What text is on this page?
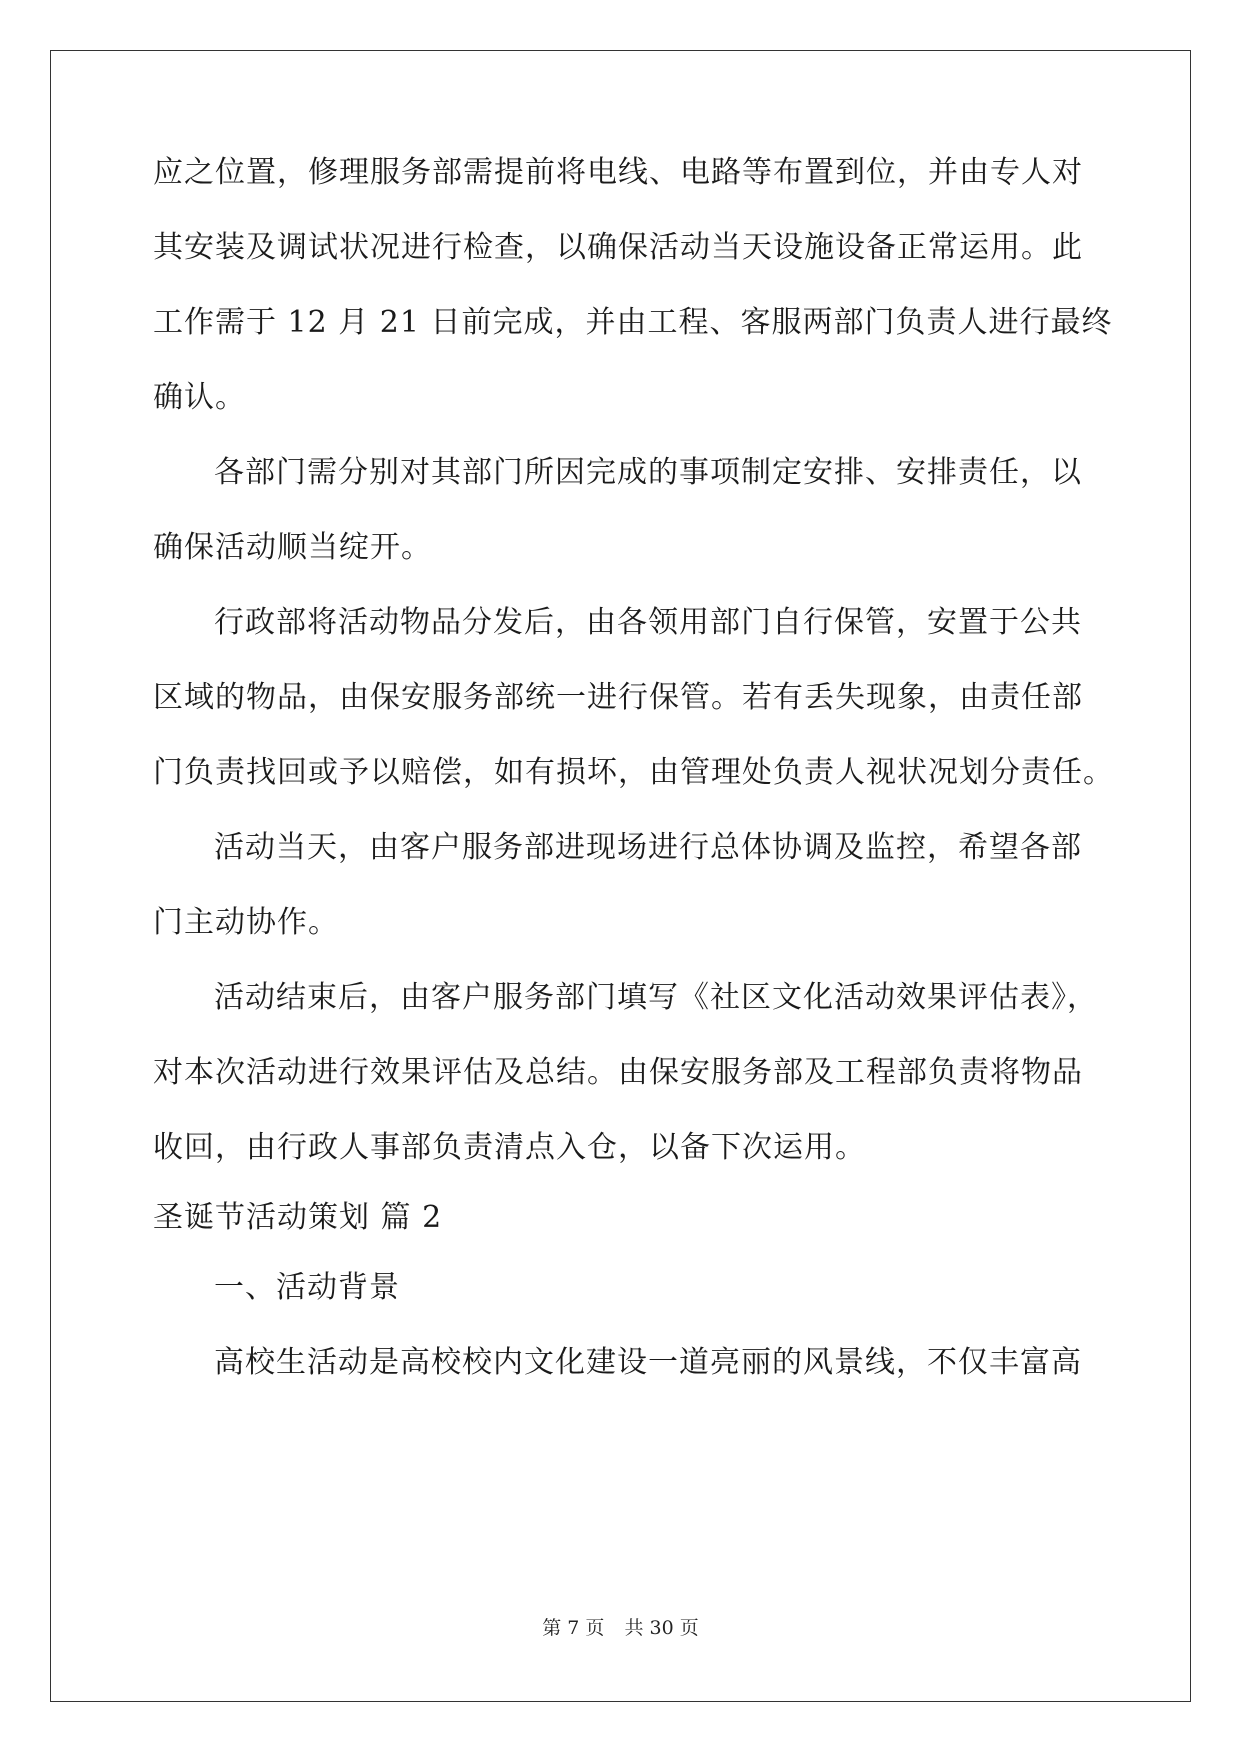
应之位置，修理服务部需提前将电线、电路等布置到位，并由专人对
其安装及调试状况进行检查，以确保活动当天设施设备正常运用。此
工作需于 12 月 21 日前完成，并由工程、客服两部门负责人进行最终
确认。
各部门需分别对其部门所因完成的事项制定安排、安排责任，以
确保活动顺当绽开。
行政部将活动物品分发后，由各领用部门自行保管，安置于公共
区域的物品，由保安服务部统一进行保管。若有丢失现象，由责任部
门负责找回或予以赔偿，如有损坏，由管理处负责人视状况划分责任。
活动当天，由客户服务部进现场进行总体协调及监控，希望各部
门主动协作。
活动结束后，由客户服务部门填写《社区文化活动效果评估表》，
对本次活动进行效果评估及总结。由保安服务部及工程部负责将物品
收回，由行政人事部负责清点入仓，以备下次运用。
圣诞节活动策划 篇 2
一、活动背景
高校生活动是高校校内文化建设一道亮丽的风景线，不仅丰富高
第 7 页 共 30 页
